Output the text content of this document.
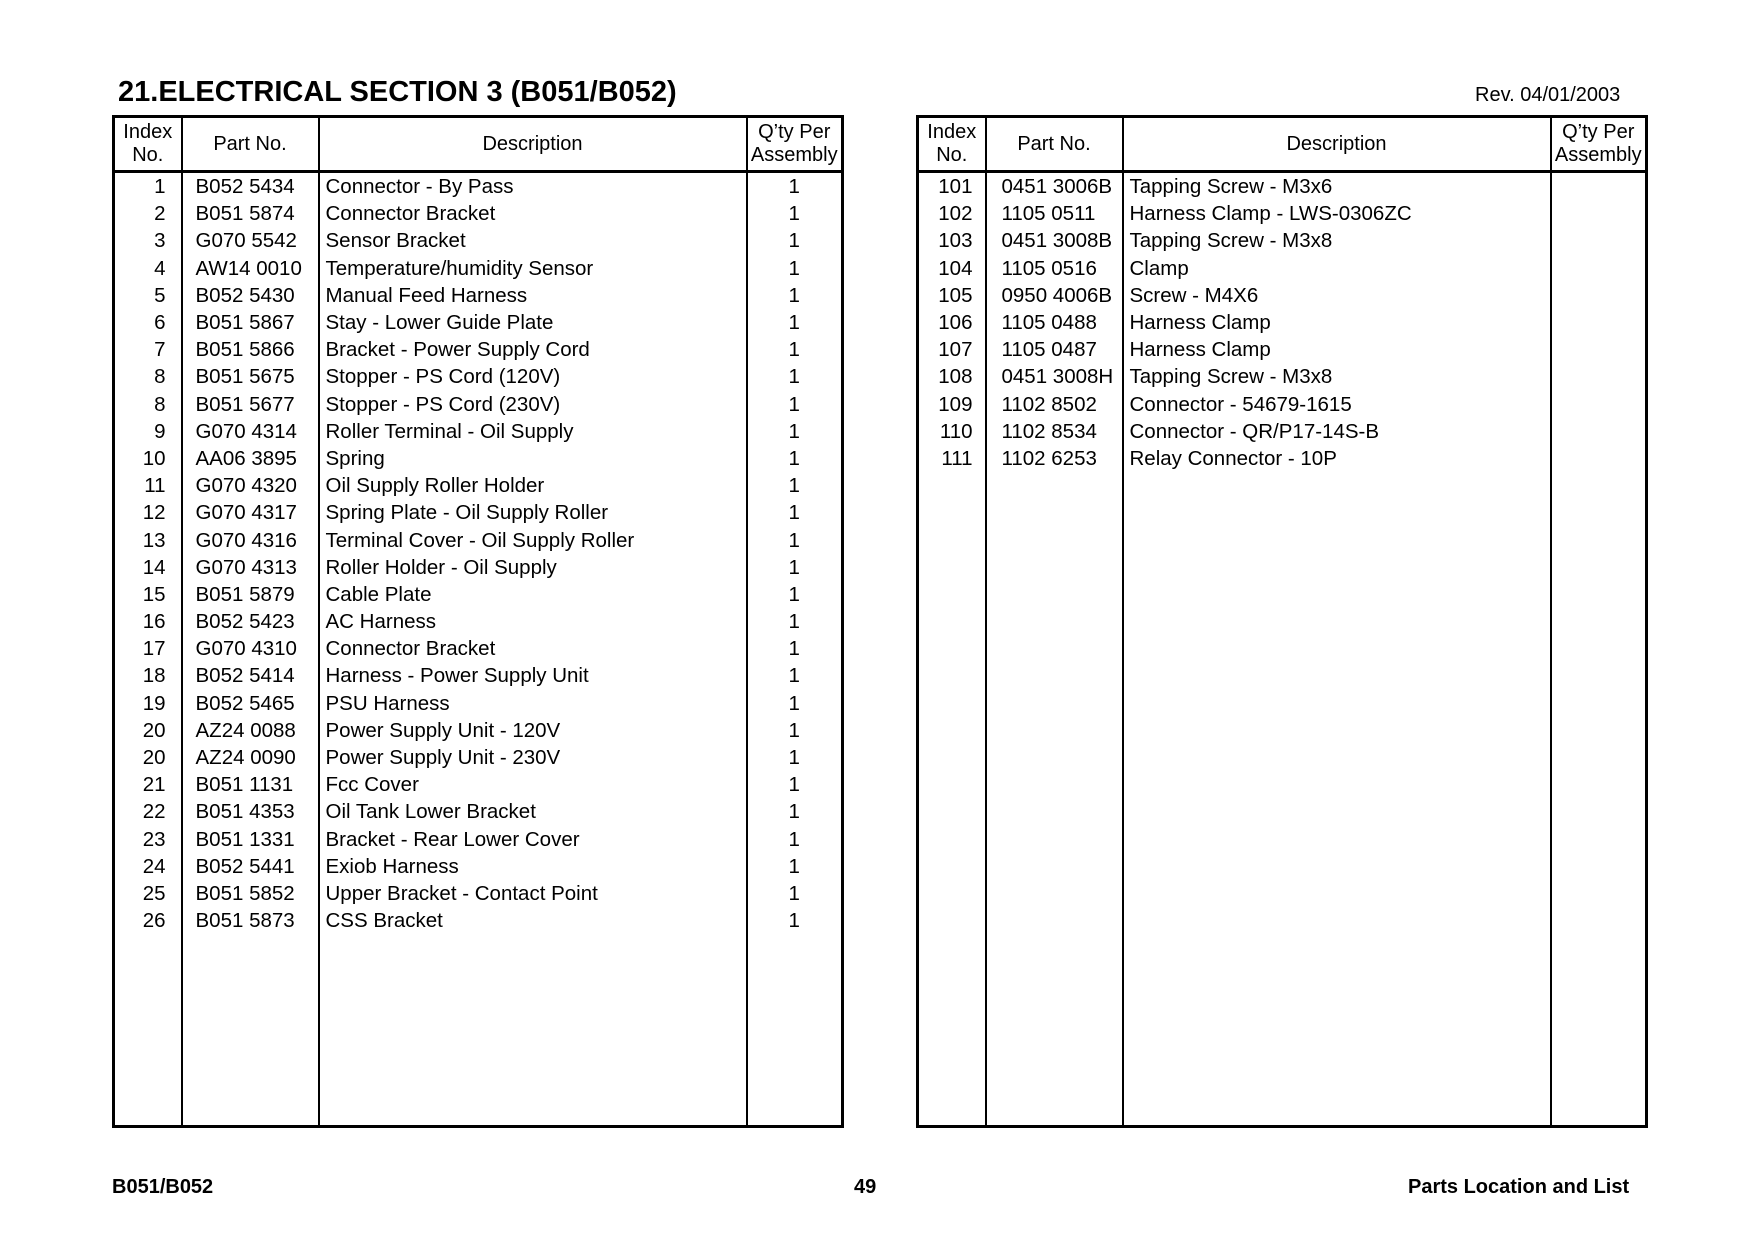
21.ELECTRICAL SECTION 3 (B051/B052)	Rev. 04/01/2003
Index
No.	Part No.	Description	Q’ty Per
Assembly
1	B052 5434	Connector - By Pass	1
2	B051 5874	Connector Bracket	1
3	G070 5542	Sensor Bracket	1
4	AW14 0010	Temperature/humidity Sensor	1
5	B052 5430	Manual Feed Harness	1
6	B051 5867	Stay - Lower Guide Plate	1
7	B051 5866	Bracket - Power Supply Cord	1
8	B051 5675	Stopper - PS Cord (120V)	1
8	B051 5677	Stopper - PS Cord (230V)	1
9	G070 4314	Roller Terminal - Oil Supply	1
10	AA06 3895	Spring	1
11	G070 4320	Oil Supply Roller Holder	1
12	G070 4317	Spring Plate - Oil Supply Roller	1
13	G070 4316	Terminal Cover - Oil Supply Roller	1
14	G070 4313	Roller Holder - Oil Supply	1
15	B051 5879	Cable Plate	1
16	B052 5423	AC Harness	1
17	G070 4310	Connector Bracket	1
18	B052 5414	Harness - Power Supply Unit	1
19	B052 5465	PSU Harness	1
20	AZ24 0088	Power Supply Unit - 120V	1
20	AZ24 0090	Power Supply Unit - 230V	1
21	B051 1131	Fcc Cover	1
22	B051 4353	Oil Tank Lower Bracket	1
23	B051 1331	Bracket - Rear Lower Cover	1
24	B052 5441	Exiob Harness	1
25	B051 5852	Upper Bracket - Contact Point	1
26	B051 5873	CSS Bracket	1

Index
No.	Part No.	Description	Q’ty Per
Assembly
101	0451 3006B	Tapping Screw - M3x6	
102	1105 0511	Harness Clamp - LWS-0306ZC	
103	0451 3008B	Tapping Screw - M3x8	
104	1105 0516	Clamp	
105	0950 4006B	Screw - M4X6	
106	1105 0488	Harness Clamp	
107	1105 0487	Harness Clamp	
108	0451 3008H	Tapping Screw - M3x8	
109	1102 8502	Connector - 54679-1615	
110	1102 8534	Connector - QR/P17-14S-B	
111	1102 6253	Relay Connector - 10P	

B051/B052	49	Parts Location and List
